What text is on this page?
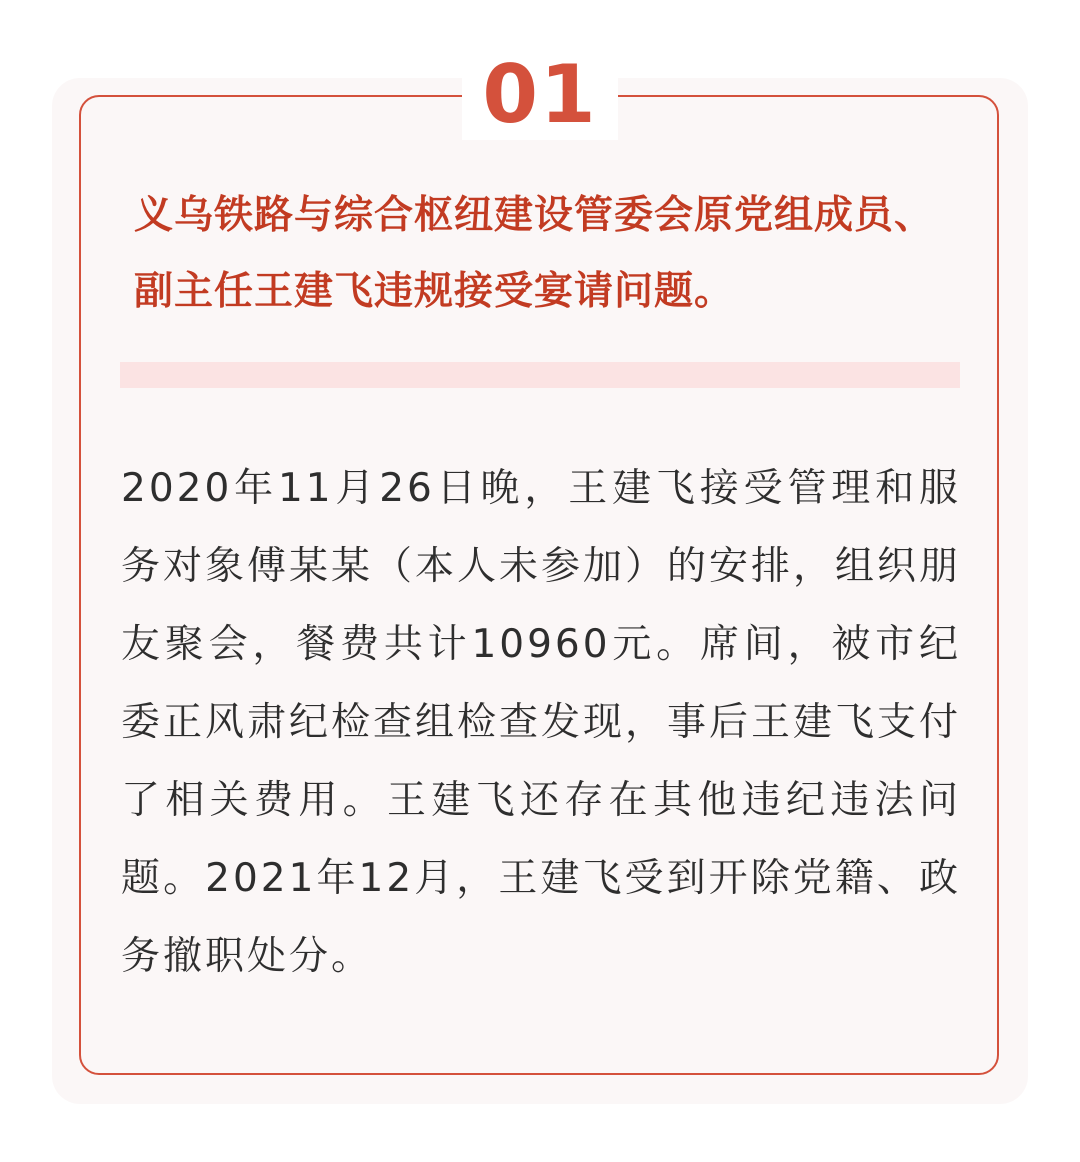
01
义乌铁路与综合枢纽建设管委会原党组成员、副主任王建飞违规接受宴请问题。

2020年11月26日晚，王建飞接受管理和服务对象傅某某（本人未参加）的安排，组织朋友聚会，餐费共计10960元。席间，被市纪委正风肃纪检查组检查发现，事后王建飞支付了相关费用。王建飞还存在其他违纪违法问题。2021年12月，王建飞受到开除党籍、政务撤职处分。
